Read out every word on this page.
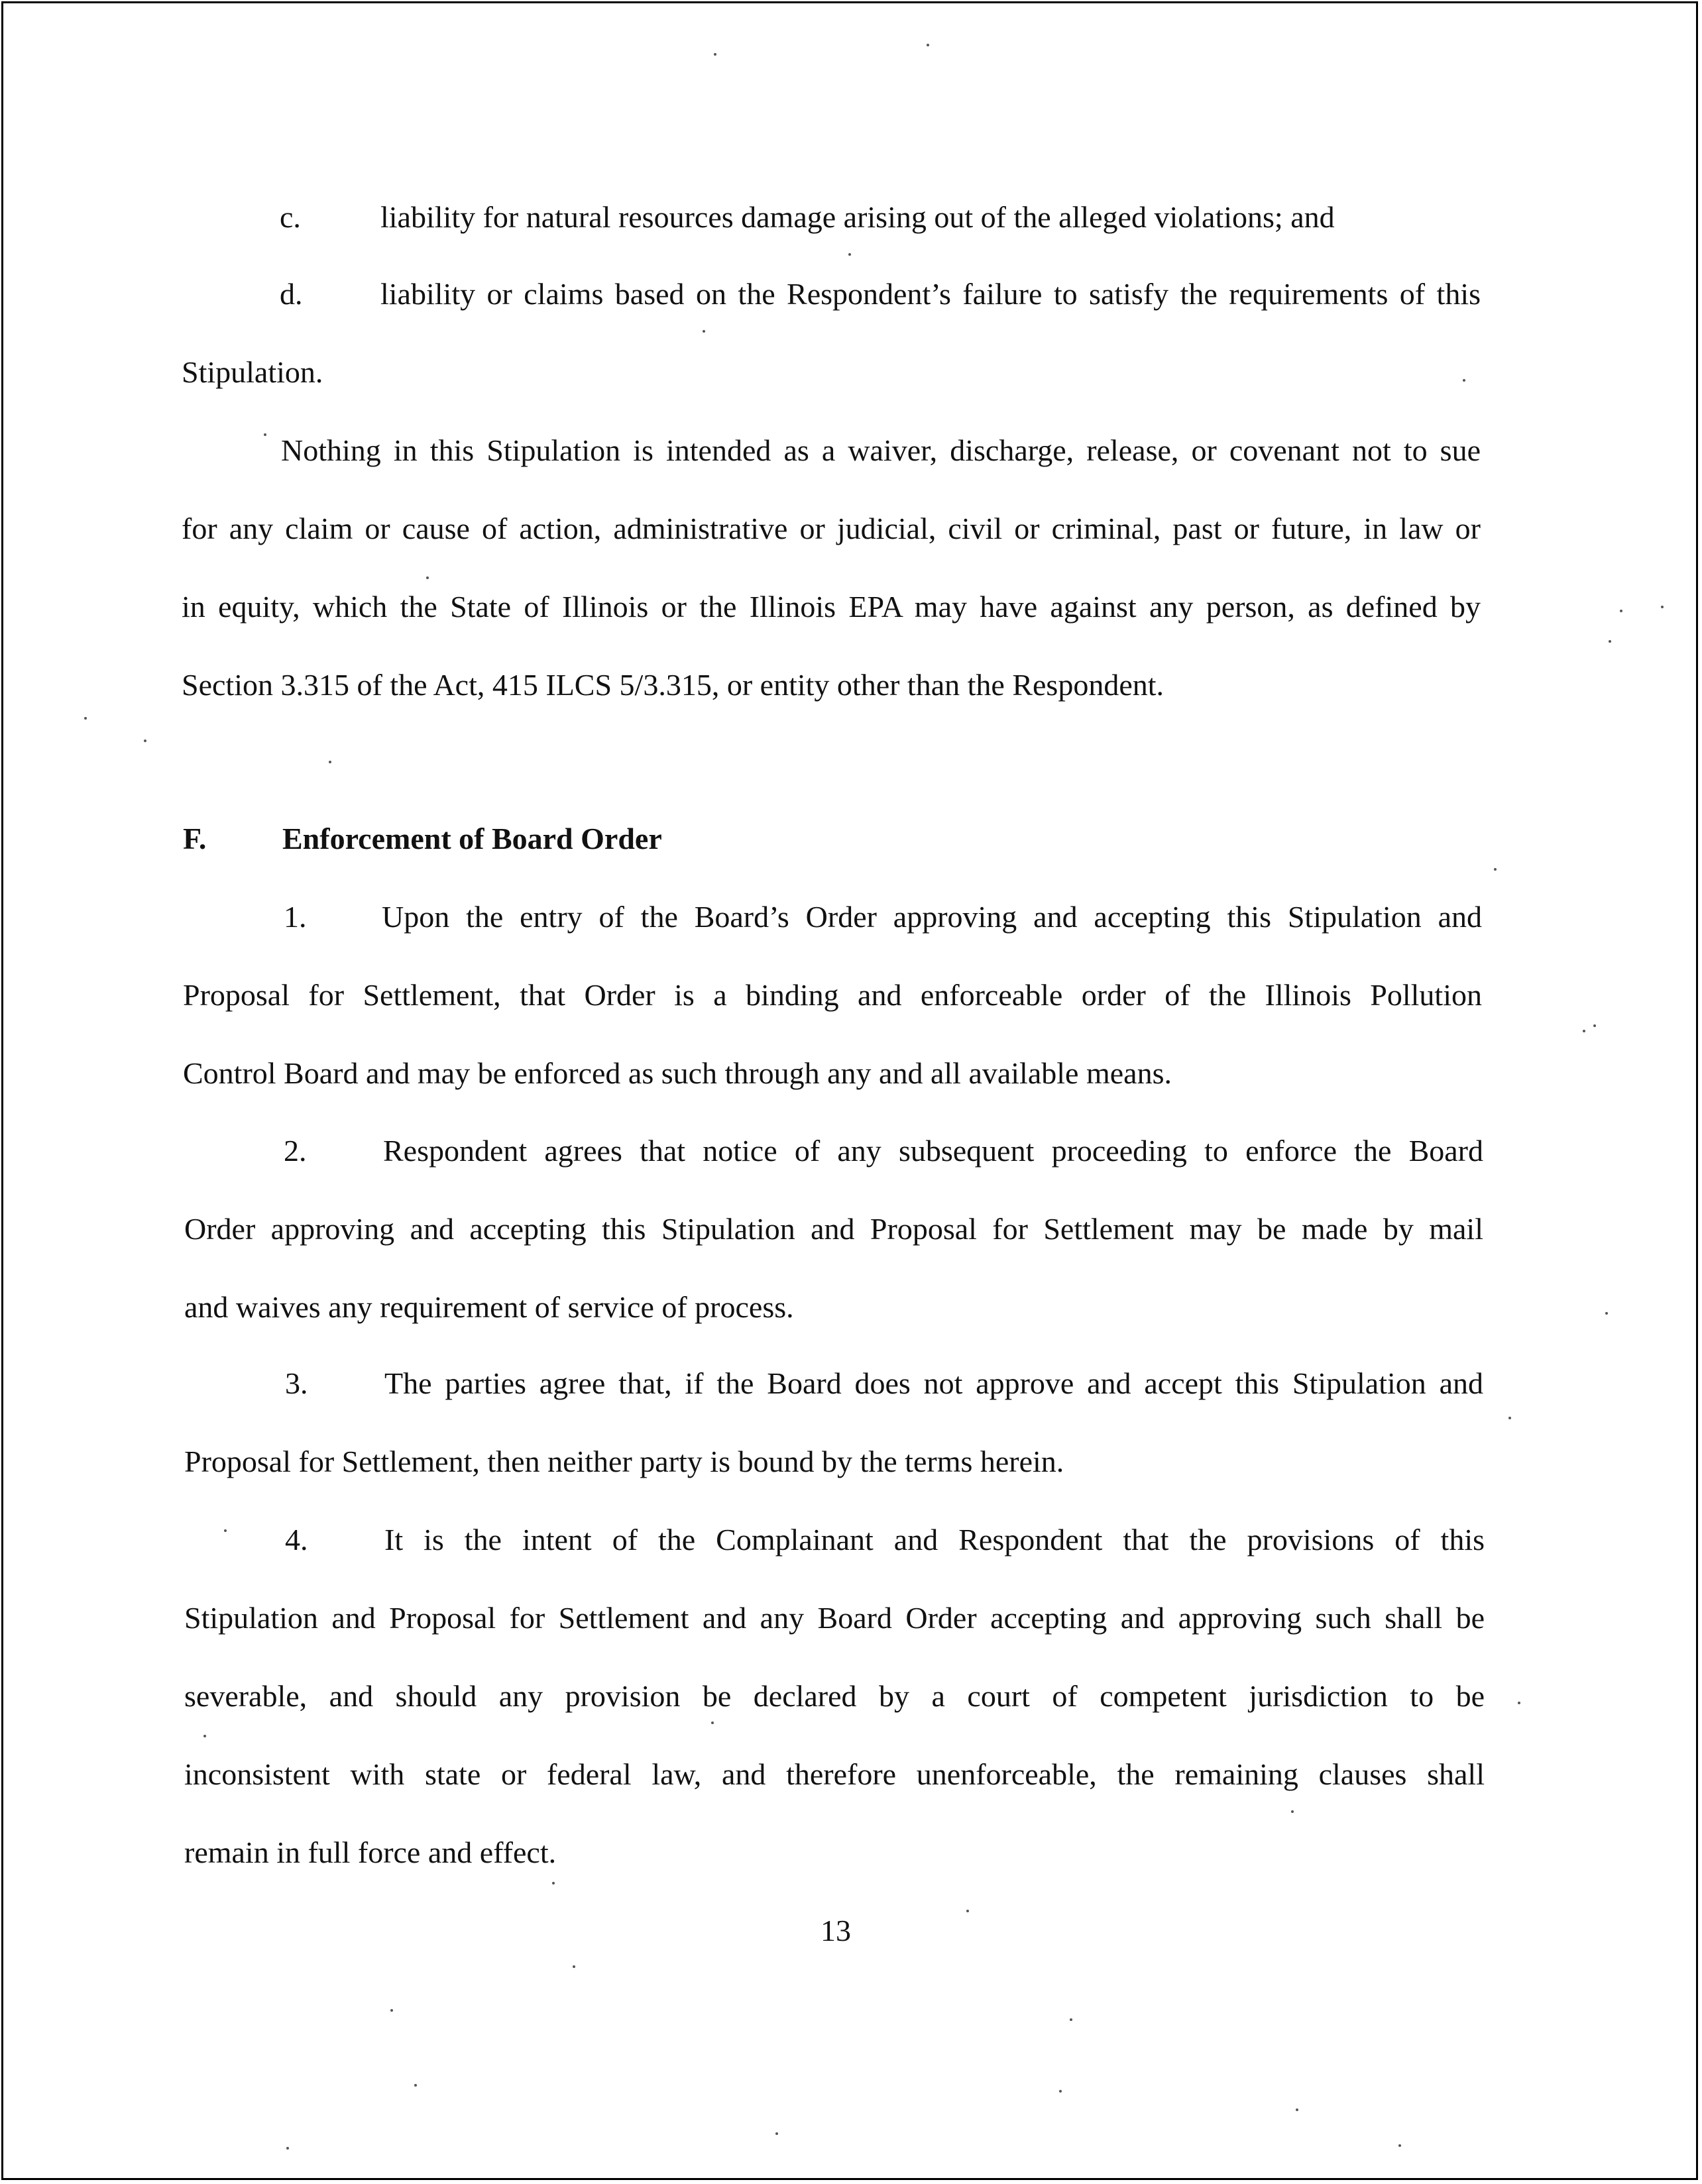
c.	liability for natural resources damage arising out of the alleged violations; and
d.	liability or claims based on the Respondent’s failure to satisfy the requirements of this
Stipulation.
Nothing in this Stipulation is intended as a waiver, discharge, release, or covenant not to sue
for any claim or cause of action, administrative or judicial, civil or criminal, past or future, in law or
in equity, which the State of Illinois or the Illinois EPA may have against any person, as defined by
Section 3.315 of the Act, 415 ILCS 5/3.315, or entity other than the Respondent.
F. Enforcement of Board Order
1. Upon the entry of the Board’s Order approving and accepting this Stipulation and
Proposal for Settlement, that Order is a binding and enforceable order of the Illinois Pollution
Control Board and may be enforced as such through any and all available means.
2.	Respondent agrees that notice of any subsequent proceeding to enforce the Board
Order approving and accepting this Stipulation and Proposal for Settlement may be made by mail
and waives any requirement of service of process.
3.	The parties agree that, if the Board does not approve and accept this Stipulation and
Proposal for Settlement, then neither party is bound by the terms herein.
4.	It is the intent of the Complainant and Respondent that the provisions of this
Stipulation and Proposal for Settlement and any Board Order accepting and approving such shall be
severable, and should any provision be declared by a court of competent jurisdiction to be
inconsistent with state or federal law, and therefore unenforceable, the remaining clauses shall
remain in full force and effect.
13
